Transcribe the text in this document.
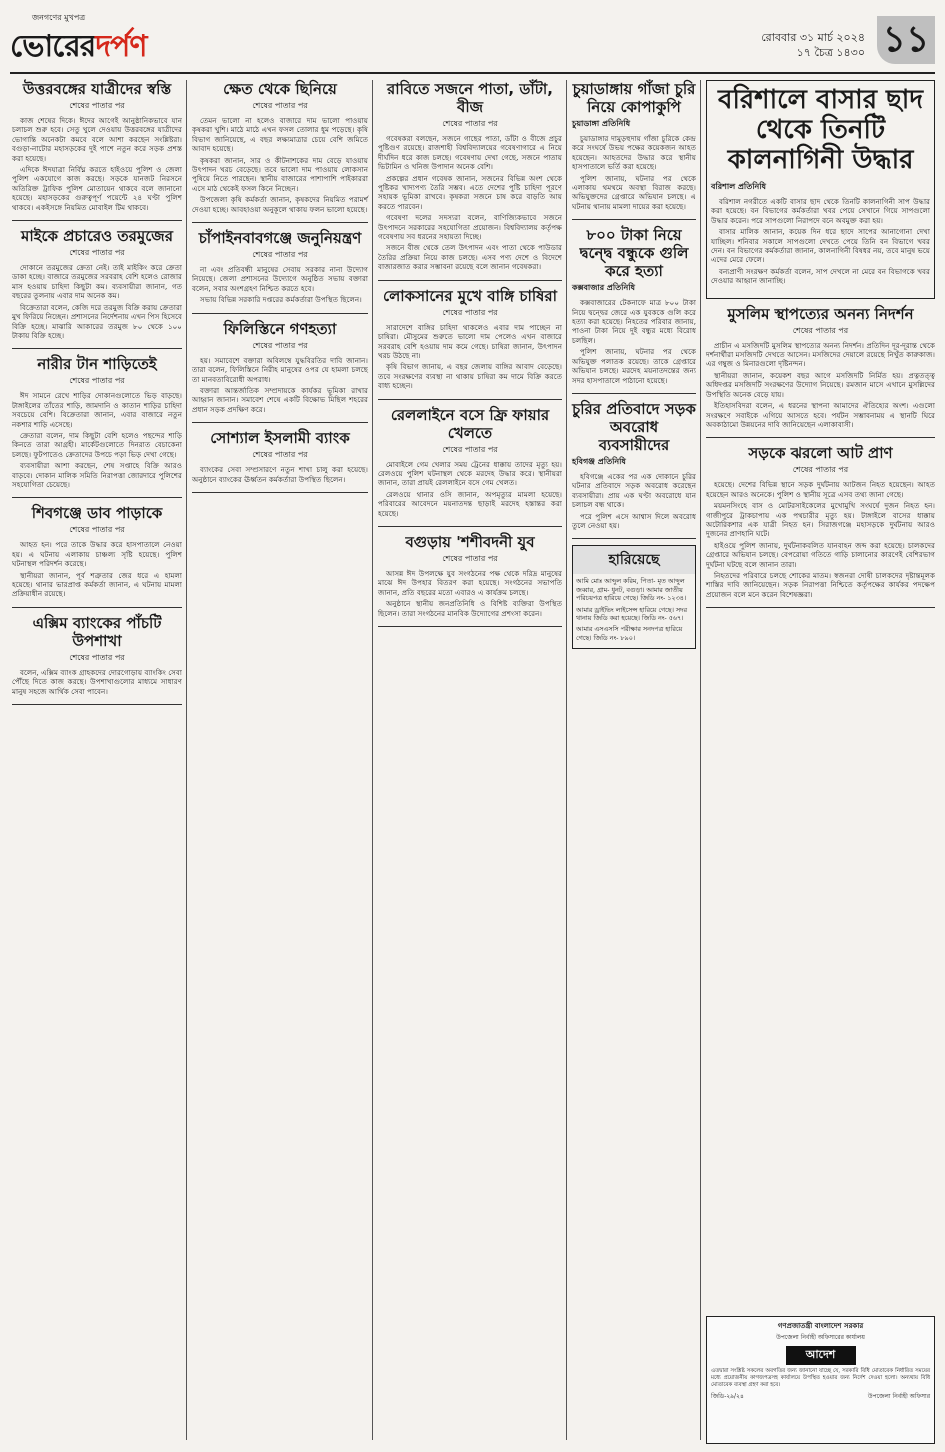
জনগণের মুখপত্র
ভোরেরদর্পণ	রোববার ৩১ মার্চ ২০২৪
১৭ চৈত্র ১৪৩০ ১১
উত্তরবঙ্গের যাত্রীদের স্বস্তি
শেষের পাতার পর

কাজ শেষের দিকে। ঈদের আগেই আনুষ্ঠানিকভাবে যান চলাচল শুরু হবে। সেতু খুলে দেওয়ায় উত্তরবঙ্গের যাত্রীদের ভোগান্তি অনেকটা কমবে বলে আশা করছেন সংশ্লিষ্টরা। বগুড়া-নাটোর মহাসড়কের দুই পাশে নতুন করে সড়ক প্রশস্ত করা হয়েছে।

এদিকে ঈদযাত্রা নির্বিঘ্ন করতে হাইওয়ে পুলিশ ও জেলা পুলিশ একযোগে কাজ করছে। সড়কে যানজট নিরসনে অতিরিক্ত ট্রাফিক পুলিশ মোতায়েন থাকবে বলে জানানো হয়েছে। মহাসড়কের গুরুত্বপূর্ণ পয়েন্টে ২৪ ঘণ্টা পুলিশ থাকবে। একইসঙ্গে নিয়মিত মোবাইল টিম থাকবে।

মাইকে প্রচারেও তরমুজের
শেষের পাতার পর

দোকানে তরমুজের ক্রেতা নেই। তাই মাইকিং করে ক্রেতা ডাকা হচ্ছে। বাজারে তরমুজের সরবরাহ বেশি হলেও রোজার মাস হওয়ায় চাহিদা কিছুটা কম। ব্যবসায়ীরা জানান, গত বছরের তুলনায় এবার দাম অনেক কম।

বিক্রেতারা বলেন, কেজি দরে তরমুজ বিক্রি করায় ক্রেতারা মুখ ফিরিয়ে নিচ্ছেন। প্রশাসনের নির্দেশনায় এখন পিস হিসেবে বিক্রি হচ্ছে। মাঝারি আকারের তরমুজ ৮০ থেকে ১০০ টাকায় বিক্রি হচ্ছে।

নারীর টান শাড়িতেই
শেষের পাতার পর

ঈদ সামনে রেখে শাড়ির দোকানগুলোতে ভিড় বাড়ছে। টাঙ্গাইলের তাঁতের শাড়ি, জামদানি ও কাতান শাড়ির চাহিদা সবচেয়ে বেশি। বিক্রেতারা জানান, এবার বাজারে নতুন নকশার শাড়ি এসেছে।

ক্রেতারা বলেন, দাম কিছুটা বেশি হলেও পছন্দের শাড়ি কিনতে তারা আগ্রহী। মার্কেটগুলোতে দিনরাত বেচাকেনা চলছে। ফুটপাতেও ক্রেতাদের উপচে পড়া ভিড় দেখা গেছে।

ব্যবসায়ীরা আশা করছেন, শেষ সপ্তাহে বিক্রি আরও বাড়বে। দোকান মালিক সমিতি নিরাপত্তা জোরদারে পুলিশের সহযোগিতা চেয়েছে।

শিবগঞ্জে ডাব পাড়াকে
শেষের পাতার পর

আহত হন। পরে তাকে উদ্ধার করে হাসপাতালে নেওয়া হয়। এ ঘটনায় এলাকায় চাঞ্চল্য সৃষ্টি হয়েছে। পুলিশ ঘটনাস্থল পরিদর্শন করেছে।

স্থানীয়রা জানান, পূর্ব শত্রুতার জের ধরে এ হামলা হয়েছে। থানার ভারপ্রাপ্ত কর্মকর্তা জানান, এ ঘটনায় মামলা প্রক্রিয়াধীন রয়েছে।

এক্সিম ব্যাংকের পাঁচটি উপশাখা
শেষের পাতার পর

বলেন, এক্সিম ব্যাংক গ্রাহকদের দোরগোড়ায় ব্যাংকিং সেবা পৌঁছে দিতে কাজ করছে। উপশাখাগুলোর মাধ্যমে সাধারণ মানুষ সহজে আর্থিক সেবা পাবেন।

ক্ষেত থেকে ছিনিয়ে
শেষের পাতার পর

তেমন ভালো না হলেও বাজারে দাম ভালো পাওয়ায় কৃষকরা খুশি। মাঠে মাঠে এখন ফসল তোলার ধুম পড়েছে। কৃষি বিভাগ জানিয়েছে, এ বছর লক্ষ্যমাত্রার চেয়ে বেশি জমিতে আবাদ হয়েছে।

কৃষকরা জানান, সার ও কীটনাশকের দাম বেড়ে যাওয়ায় উৎপাদন খরচ বেড়েছে। তবে ভালো দাম পাওয়ায় লোকসান পুষিয়ে নিতে পারছেন। স্থানীয় বাজারের পাশাপাশি পাইকাররা এসে মাঠ থেকেই ফসল কিনে নিচ্ছেন।

উপজেলা কৃষি কর্মকর্তা জানান, কৃষকদের নিয়মিত পরামর্শ দেওয়া হচ্ছে। আবহাওয়া অনুকূলে থাকায় ফলন ভালো হয়েছে।

চাঁপাইনবাবগঞ্জে জনুনিয়ন্ত্রণ
শেষের পাতার পর

না এবং প্রতিবন্ধী মানুষের সেবায় সরকার নানা উদ্যোগ নিয়েছে। জেলা প্রশাসনের উদ্যোগে অনুষ্ঠিত সভায় বক্তারা বলেন, সবার অংশগ্রহণ নিশ্চিত করতে হবে।

সভায় বিভিন্ন সরকারি দপ্তরের কর্মকর্তারা উপস্থিত ছিলেন।

ফিলিস্তিনে গণহত্যা
শেষের পাতার পর

হয়। সমাবেশে বক্তারা অবিলম্বে যুদ্ধবিরতির দাবি জানান। তারা বলেন, ফিলিস্তিনে নিরীহ মানুষের ওপর যে হামলা চলছে তা মানবতাবিরোধী অপরাধ।

বক্তারা আন্তর্জাতিক সম্প্রদায়কে কার্যকর ভূমিকা রাখার আহ্বান জানান। সমাবেশ শেষে একটি বিক্ষোভ মিছিল শহরের প্রধান সড়ক প্রদক্ষিণ করে।

সোশ্যাল ইসলামী ব্যাংক
শেষের পাতার পর

ব্যাংকের সেবা সম্প্রসারণে নতুন শাখা চালু করা হয়েছে। অনুষ্ঠানে ব্যাংকের ঊর্ধ্বতন কর্মকর্তারা উপস্থিত ছিলেন।

রাবিতে সজনে পাতা, ডাঁটা, বীজ
শেষের পাতার পর

গবেষকরা বলছেন, সজনে গাছের পাতা, ডাঁটা ও বীজে প্রচুর পুষ্টিগুণ রয়েছে। রাজশাহী বিশ্ববিদ্যালয়ের গবেষণাগারে এ নিয়ে দীর্ঘদিন ধরে কাজ চলছে। গবেষণায় দেখা গেছে, সজনে পাতায় ভিটামিন ও খনিজ উপাদান অনেক বেশি।

প্রকল্পের প্রধান গবেষক জানান, সজনের বিভিন্ন অংশ থেকে পুষ্টিকর খাদ্যপণ্য তৈরি সম্ভব। এতে দেশের পুষ্টি চাহিদা পূরণে সহায়ক ভূমিকা রাখবে। কৃষকরা সজনে চাষ করে বাড়তি আয় করতে পারবেন।

গবেষণা দলের সদস্যরা বলেন, বাণিজ্যিকভাবে সজনে উৎপাদনে সরকারের সহযোগিতা প্রয়োজন। বিশ্ববিদ্যালয় কর্তৃপক্ষ গবেষণায় সব ধরনের সহায়তা দিচ্ছে।

সজনে বীজ থেকে তেল উৎপাদন এবং পাতা থেকে পাউডার তৈরির প্রক্রিয়া নিয়ে কাজ চলছে। এসব পণ্য দেশে ও বিদেশে বাজারজাত করার সম্ভাবনা রয়েছে বলে জানান গবেষকরা।

লোকসানের মুখে বাঙ্গি চাষিরা
শেষের পাতার পর

সারাদেশে বাঙ্গির চাহিদা থাকলেও এবার দাম পাচ্ছেন না চাষিরা। মৌসুমের শুরুতে ভালো দাম পেলেও এখন বাজারে সরবরাহ বেশি হওয়ায় দাম কমে গেছে। চাষিরা জানান, উৎপাদন খরচ উঠছে না।

কৃষি বিভাগ জানায়, এ বছর জেলায় বাঙ্গির আবাদ বেড়েছে। তবে সংরক্ষণের ব্যবস্থা না থাকায় চাষিরা কম দামে বিক্রি করতে বাধ্য হচ্ছেন।

রেললাইনে বসে ফ্রি ফায়ার খেলতে
শেষের পাতার পর

মোবাইলে গেম খেলার সময় ট্রেনের ধাক্কায় তাদের মৃত্যু হয়। রেলওয়ে পুলিশ ঘটনাস্থল থেকে মরদেহ উদ্ধার করে। স্থানীয়রা জানান, তারা প্রায়ই রেললাইনে বসে গেম খেলত।

রেলওয়ে থানার ওসি জানান, অপমৃত্যুর মামলা হয়েছে। পরিবারের আবেদনে ময়নাতদন্ত ছাড়াই মরদেহ হস্তান্তর করা হয়েছে।

বগুড়ায় 'শশীবদনী যুব
শেষের পাতার পর

আসন্ন ঈদ উপলক্ষে যুব সংগঠনের পক্ষ থেকে দরিদ্র মানুষের মাঝে ঈদ উপহার বিতরণ করা হয়েছে। সংগঠনের সভাপতি জানান, প্রতি বছরের মতো এবারও এ কার্যক্রম চলছে।

অনুষ্ঠানে স্থানীয় জনপ্রতিনিধি ও বিশিষ্ট ব্যক্তিরা উপস্থিত ছিলেন। তারা সংগঠনের মানবিক উদ্যোগের প্রশংসা করেন।

চুয়াডাঙ্গায় গাঁজা চুরি নিয়ে কোপাকুপি
চুয়াডাঙ্গা প্রতিনিধি

চুয়াডাঙ্গার দামুড়হুদায় গাঁজা চুরিকে কেন্দ্র করে সংঘর্ষে উভয় পক্ষের কয়েকজন আহত হয়েছেন। আহতদের উদ্ধার করে স্থানীয় হাসপাতালে ভর্তি করা হয়েছে।

পুলিশ জানায়, ঘটনার পর থেকে এলাকায় থমথমে অবস্থা বিরাজ করছে। অভিযুক্তদের গ্রেপ্তারে অভিযান চলছে। এ ঘটনায় থানায় মামলা দায়ের করা হয়েছে।

৮০০ টাকা নিয়ে দ্বন্দ্বে বন্ধুকে গুলি করে হত্যা
কক্সবাজার প্রতিনিধি

কক্সবাজারের টেকনাফে মাত্র ৮০০ টাকা নিয়ে দ্বন্দ্বের জেরে এক যুবককে গুলি করে হত্যা করা হয়েছে। নিহতের পরিবার জানায়, পাওনা টাকা নিয়ে দুই বন্ধুর মধ্যে বিরোধ চলছিল।

পুলিশ জানায়, ঘটনার পর থেকে অভিযুক্ত পলাতক রয়েছে। তাকে গ্রেপ্তারে অভিযান চলছে। মরদেহ ময়নাতদন্তের জন্য সদর হাসপাতালে পাঠানো হয়েছে।

চুরির প্রতিবাদে সড়ক অবরোধ ব্যবসায়ীদের
হবিগঞ্জ প্রতিনিধি

হবিগঞ্জে একের পর এক দোকানে চুরির ঘটনার প্রতিবাদে সড়ক অবরোধ করেছেন ব্যবসায়ীরা। প্রায় এক ঘণ্টা অবরোধে যান চলাচল বন্ধ থাকে।

পরে পুলিশ এসে আশ্বাস দিলে অবরোধ তুলে নেওয়া হয়।

হারিয়েছে

আমি মোঃ আব্দুল করিম, পিতা- মৃত আব্দুল জব্বার, গ্রাম- ধুনট, বগুড়া। আমার জাতীয় পরিচয়পত্র হারিয়ে গেছে। জিডি নং- ১২৩৪।

আমার ড্রাইভিং লাইসেন্স হারিয়ে গেছে। সদর থানায় জিডি করা হয়েছে। জিডি নং- ৫৬৭।

আমার এসএসসি পরীক্ষার সনদপত্র হারিয়ে গেছে। জিডি নং- ৮৯০।

বরিশালে বাসার ছাদ থেকে তিনটি কালনাগিনী উদ্ধার
বরিশাল প্রতিনিধি

বরিশাল নগরীতে একটি বাসার ছাদ থেকে তিনটি কালনাগিনী সাপ উদ্ধার করা হয়েছে। বন বিভাগের কর্মকর্তারা খবর পেয়ে সেখানে গিয়ে সাপগুলো উদ্ধার করেন। পরে সাপগুলো নিরাপদে বনে অবমুক্ত করা হয়।

বাসার মালিক জানান, কয়েক দিন ধরে ছাদে সাপের আনাগোনা দেখা যাচ্ছিল। শনিবার সকালে সাপগুলো দেখতে পেয়ে তিনি বন বিভাগে খবর দেন। বন বিভাগের কর্মকর্তারা জানান, কালনাগিনী বিষধর নয়, তবে মানুষ ভয়ে এদের মেরে ফেলে।

বন্যপ্রাণী সংরক্ষণ কর্মকর্তা বলেন, সাপ দেখলে না মেরে বন বিভাগকে খবর দেওয়ার আহ্বান জানাচ্ছি।

মুসলিম স্থাপত্যের অনন্য নিদর্শন
শেষের পাতার পর

প্রাচীন এ মসজিদটি মুসলিম স্থাপত্যের অনন্য নিদর্শন। প্রতিদিন দূর-দূরান্ত থেকে দর্শনার্থীরা মসজিদটি দেখতে আসেন। মসজিদের দেয়ালে রয়েছে নিখুঁত কারুকাজ। এর গম্বুজ ও মিনারগুলো দৃষ্টিনন্দন।

স্থানীয়রা জানান, কয়েকশ বছর আগে মসজিদটি নির্মিত হয়। প্রত্নতত্ত্ব অধিদপ্তর মসজিদটি সংরক্ষণের উদ্যোগ নিয়েছে। রমজান মাসে এখানে মুসল্লিদের উপস্থিতি অনেক বেড়ে যায়।

ইতিহাসবিদরা বলেন, এ ধরনের স্থাপনা আমাদের ঐতিহ্যের অংশ। এগুলো সংরক্ষণে সবাইকে এগিয়ে আসতে হবে। পর্যটন সম্ভাবনাময় এ স্থানটি ঘিরে অবকাঠামো উন্নয়নের দাবি জানিয়েছেন এলাকাবাসী।

সড়কে ঝরলো আট প্রাণ
শেষের পাতার পর

হয়েছে। দেশের বিভিন্ন স্থানে সড়ক দুর্ঘটনায় আটজন নিহত হয়েছেন। আহত হয়েছেন আরও অনেকে। পুলিশ ও স্থানীয় সূত্রে এসব তথ্য জানা গেছে।

ময়মনসিংহে বাস ও মোটরসাইকেলের মুখোমুখি সংঘর্ষে দুজন নিহত হন। গাজীপুরে ট্রাকচাপায় এক পথচারীর মৃত্যু হয়। টাঙ্গাইলে বাসের ধাক্কায় অটোরিকশার এক যাত্রী নিহত হন। সিরাজগঞ্জে মহাসড়কে দুর্ঘটনায় আরও দুজনের প্রাণহানি ঘটে।

হাইওয়ে পুলিশ জানায়, দুর্ঘটনাকবলিত যানবাহন জব্দ করা হয়েছে। চালকদের গ্রেপ্তারে অভিযান চলছে। বেপরোয়া গতিতে গাড়ি চালানোর কারণেই বেশিরভাগ দুর্ঘটনা ঘটছে বলে জানান তারা।

নিহতদের পরিবারে চলছে শোকের মাতম। স্বজনরা দোষী চালকদের দৃষ্টান্তমূলক শাস্তির দাবি জানিয়েছেন। সড়ক নিরাপত্তা নিশ্চিতে কর্তৃপক্ষের কার্যকর পদক্ষেপ প্রয়োজন বলে মনে করেন বিশেষজ্ঞরা।

গণপ্রজাতন্ত্রী বাংলাদেশ সরকার
উপজেলা নির্বাহী অফিসারের কার্যালয়
আদেশ
এতদ্বারা সংশ্লিষ্ট সকলের অবগতির জন্য জানানো যাচ্ছে যে, সরকারি বিধি মোতাবেক নির্ধারিত সময়ের মধ্যে প্রয়োজনীয় কাগজপত্রসহ কার্যালয়ে উপস্থিত হওয়ার জন্য নির্দেশ দেওয়া হলো। অন্যথায় বিধি মোতাবেক ব্যবস্থা গ্রহণ করা হবে।
জিডি-২৯/২৪	উপজেলা নির্বাহী অফিসার
